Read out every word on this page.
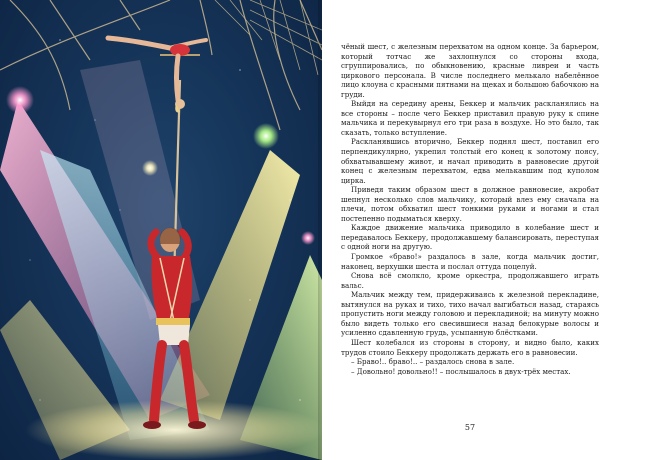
чёный шест, с железным перехватом на одном конце. За барьером, который тотчас же захлопнулся со стороны входа, сгруппировались, по обыкновению, красные ливреи и часть циркового персонала. В числе последнего мелькало набелённое лицо клоуна с красными пятнами на щеках и большою бабочкою на груди.

Выйдя на середину арены, Беккер и мальчик раскланялись на все стороны – после чего Беккер приставил правую руку к спине мальчика и перекувырнул его три раза в воздухе. Но это было, так сказать, только вступление.

Раскланявшись вторично, Беккер поднял шест, поставил его перпендикулярно, укрепил толстый его конец к золотому поясу, обхватывавшему живот, и начал приводить в равновесие другой конец с железным перехватом, едва мелькавшим под куполом цирка.

Приведя таким образом шест в должное равновесие, акробат шепнул несколько слов мальчику, который влез ему сначала на плечи, потом обхватил шест тонкими руками и ногами и стал постепенно подыматься кверху.

Каждое движение мальчика приводило в колебание шест и передавалось Беккеру, продолжавшему балансировать, переступая с одной ноги на другую.

Громкое «браво!» раздалось в зале, когда мальчик достиг, наконец, верхушки шеста и послал оттуда поцелуй.

Снова всё смолкло, кроме оркестра, продолжавшего играть вальс.

Мальчик между тем, придерживаясь к железной перекладине, вытянулся на руках и тихо, тихо начал выгибаться назад, стараясь пропустить ноги между головою и перекладиной; на минуту можно было видеть только его свесившиеся назад белокурые волосы и усиленно сдавленную грудь, усыпанную блёстками.

Шест колебался из стороны в сторону, и видно было, каких трудов стоило Беккеру продолжать держать его в равновесии.

– Браво!.. браво!.. – раздалось снова в зале.

– Довольно! довольно!! – послышалось в двух-трёх местах.

57
